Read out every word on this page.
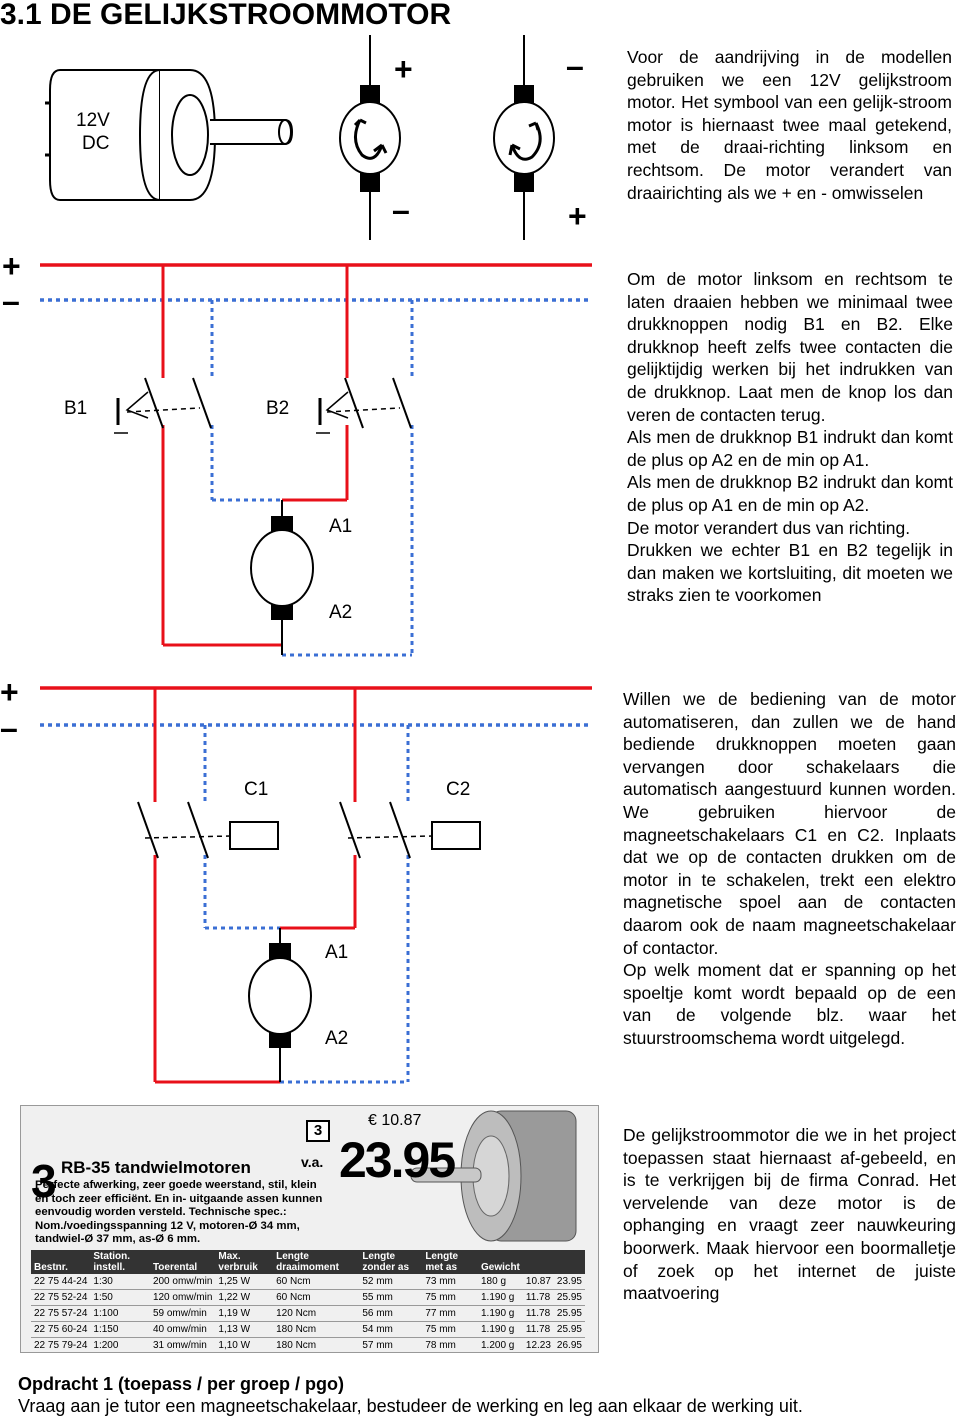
3.1 DE GELIJKSTROOMMOTOR
12V
DC
+
–
–
+
Voor de aandrijving in de modellen gebruiken we een 12V gelijkstroom motor. Het symbool van een gelijk-stroom motor is hiernaast twee maal getekend, met de draai-richting linksom en rechtsom. De motor verandert van draairichting als we + en - omwisselen
+
–
B1	B2
A1
A2

Om de motor linksom en rechtsom te laten draaien hebben we minimaal twee drukknoppen nodig B1 en B2. Elke drukknop heeft zelfs twee contacten die gelijktijdig werken bij het indrukken van de drukknop. Laat men de knop los dan veren de contacten terug.

Als men de drukknop B1 indrukt dan komt de plus op A2 en de min op A1.

Als men de drukknop B2 indrukt dan komt de plus op A1 en de min op A2.

De motor verandert dus van richting.

Drukken we echter B1 en B2 tegelijk in dan maken we kortsluiting, dit moeten we straks zien te voorkomen

+
–
C1	C2
A1
A2

Willen we de bediening van de motor automatiseren, dan zullen we de hand bediende drukknoppen moeten gaan vervangen door schakelaars die automatisch aangestuurd kunnen worden. We gebruiken hiervoor de magneetschakelaars C1 en C2. Inplaats dat we op de contacten drukken om de motor in te schakelen, trekt een elektro magnetische spoel aan de contacten daarom ook de naam magneetschakelaar of contactor.

Op welk moment dat er spanning op het spoeltje komt wordt bepaald op de een van de volgende blz. waar het stuurstroomschema wordt uitgelegd.

3
€ 10.87
v.a. 23.95
3 RB-35 tandwielmotoren
Perfecte afwerking, zeer goede weerstand, stil, klein en toch zeer efficiënt. En in- uitgaande assen kunnen eenvoudig worden versteld. Technische spec.: Nom./voedingsspanning 12 V, motoren-Ø 34 mm, tandwiel-Ø 37 mm, as-Ø 6 mm.
Bestnr.	Station. instell.	Toerental	Max. verbruik	Lengte draaimoment	Lengte zonder as	Lengte met as	Gewicht		
22 75 44-24	1:30	200 omw/min	1,25 W	60 Ncm	52 mm	73 mm	180 g	10.87	23.95
22 75 52-24	1:50	120 omw/min	1,22 W	60 Ncm	55 mm	75 mm	1.190 g	11.78	25.95
22 75 57-24	1:100	59 omw/min	1,19 W	120 Ncm	56 mm	77 mm	1.190 g	11.78	25.95
22 75 60-24	1:150	40 omw/min	1,13 W	180 Ncm	54 mm	75 mm	1.190 g	11.78	25.95
22 75 79-24	1:200	31 omw/min	1,10 W	180 Ncm	57 mm	78 mm	1.200 g	12.23	26.95
De gelijkstroommotor die we in het project toepassen staat hiernaast af-gebeeld, en is te verkrijgen bij de firma Conrad. Het vervelende van deze motor is de ophanging en vraagt zeer nauwkeuring boorwerk. Maak hiervoor een boormalletje of zoek op het internet de juiste maatvoering
Opdracht 1 (toepass / per groep / pgo)
Vraag aan je tutor een magneetschakelaar, bestudeer de werking en leg aan elkaar de werking uit.
